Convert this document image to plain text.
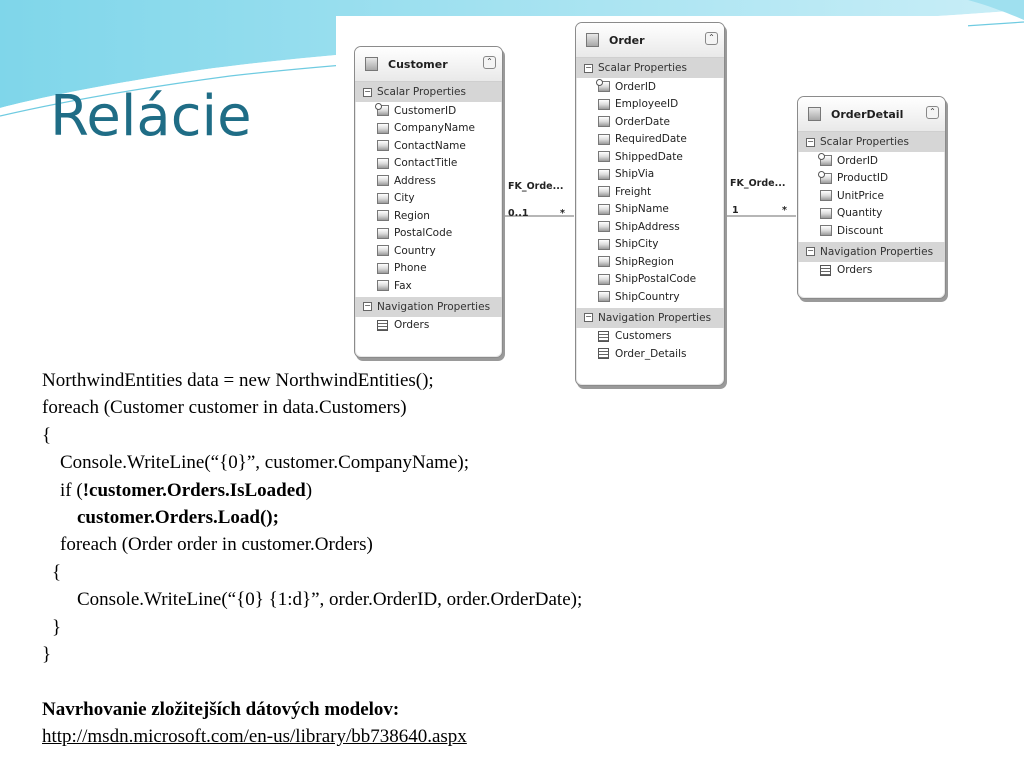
Relácie
FK_Orde...
0..1	*
FK_Orde...
1	*
Customer	⌃
− Scalar Properties
CustomerID
CompanyName
ContactName
ContactTitle
Address
City
Region
PostalCode
Country
Phone
Fax
− Navigation Properties
Orders
Order	⌃
− Scalar Properties
OrderID
EmployeeID
OrderDate
RequiredDate
ShippedDate
ShipVia
Freight
ShipName
ShipAddress
ShipCity
ShipRegion
ShipPostalCode
ShipCountry
− Navigation Properties
Customers
Order_Details
OrderDetail	⌃
− Scalar Properties
OrderID
ProductID
UnitPrice
Quantity
Discount
− Navigation Properties
Orders
NorthwindEntities data = new NorthwindEntities();
foreach (Customer customer in data.Customers)
{
Console.WriteLine(“{0}”, customer.CompanyName);
if (!customer.Orders.IsLoaded)
customer.Orders.Load();
foreach (Order order in customer.Orders)
{
Console.WriteLine(“{0} {1:d}”, order.OrderID, order.OrderDate);
}
}
Navrhovanie zložitejších dátových modelov:
http://msdn.microsoft.com/en-us/library/bb738640.aspx
